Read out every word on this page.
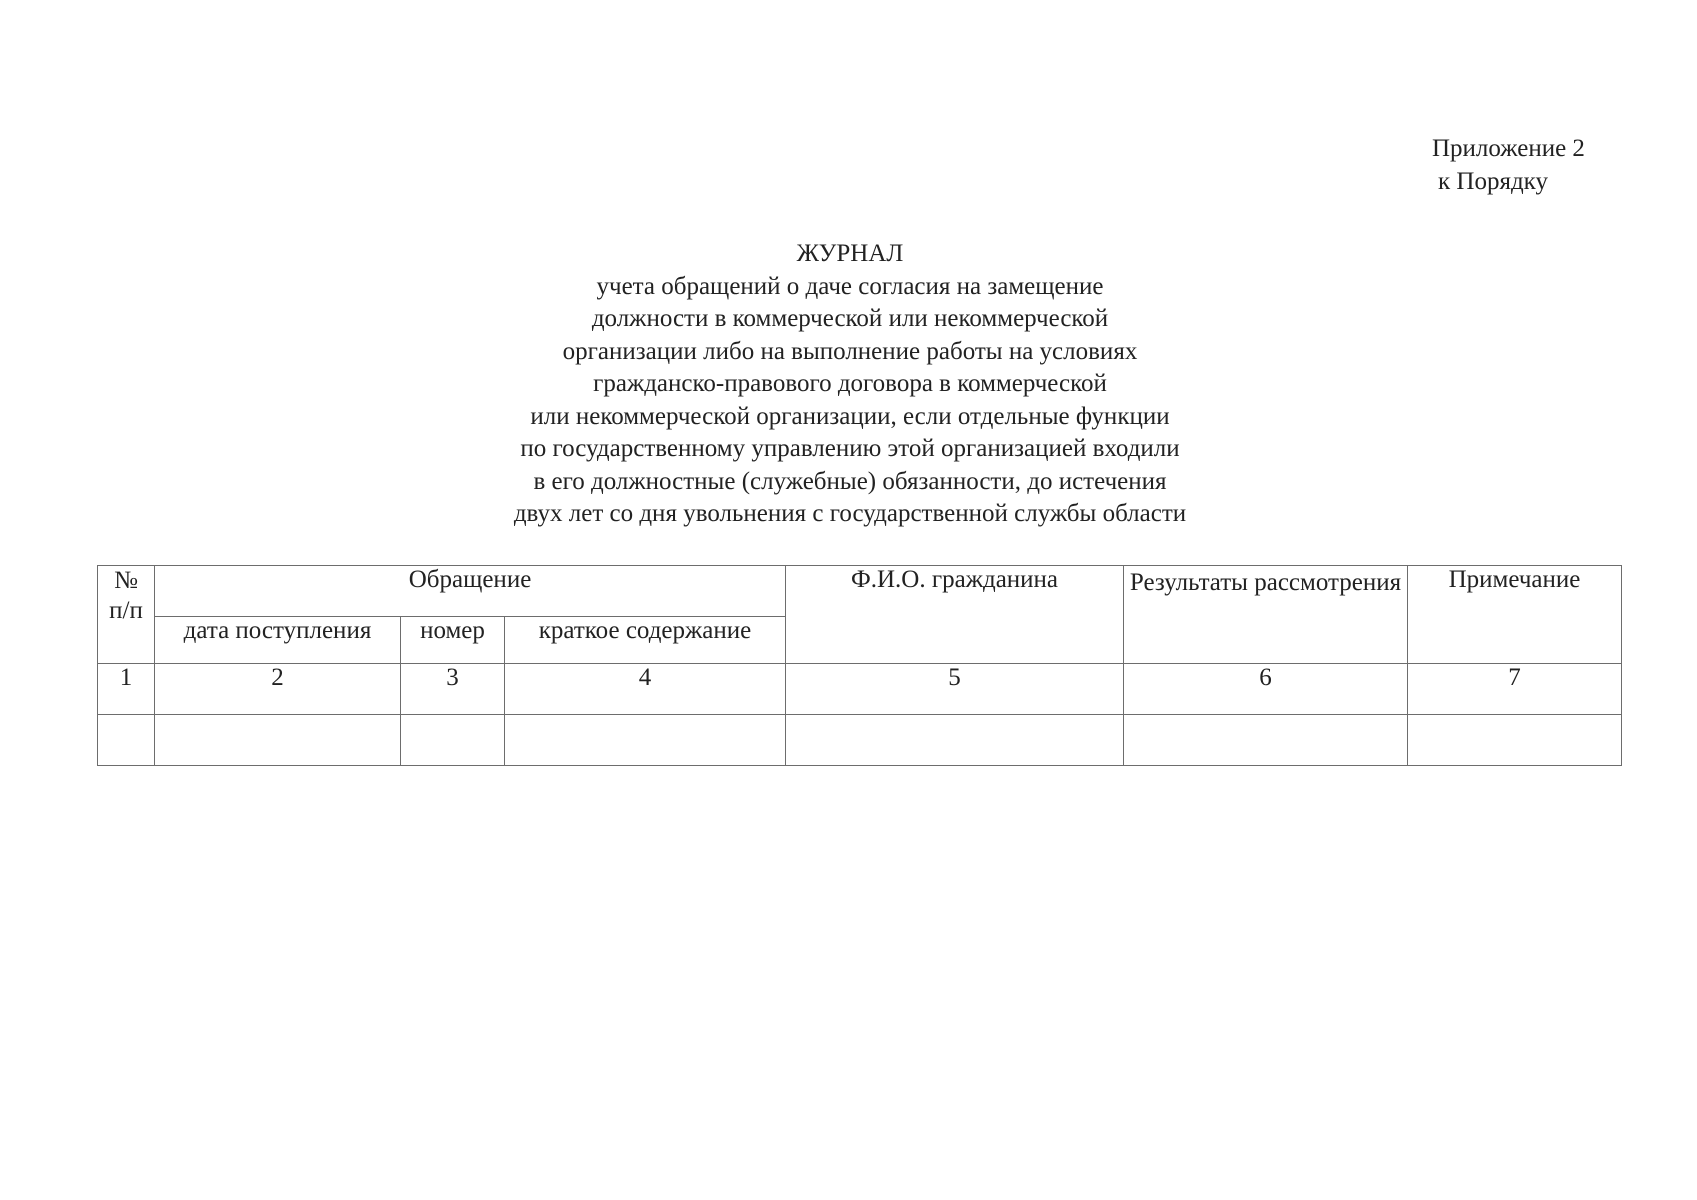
Приложение 2
к Порядку
ЖУРНАЛ
учета обращений о даче согласия на замещение
должности в коммерческой или некоммерческой
организации либо на выполнение работы на условиях
гражданско-правового договора в коммерческой
или некоммерческой организации, если отдельные функции
по государственному управлению этой организацией входили
в его должностные (служебные) обязанности, до истечения
двух лет со дня увольнения с государственной службы области
№
п/п	Обращение			Ф.И.О. гражданина	Результаты рассмотрения	Примечание
	дата поступления	номер	краткое содержание			
1	2	3	4	5	6	7
